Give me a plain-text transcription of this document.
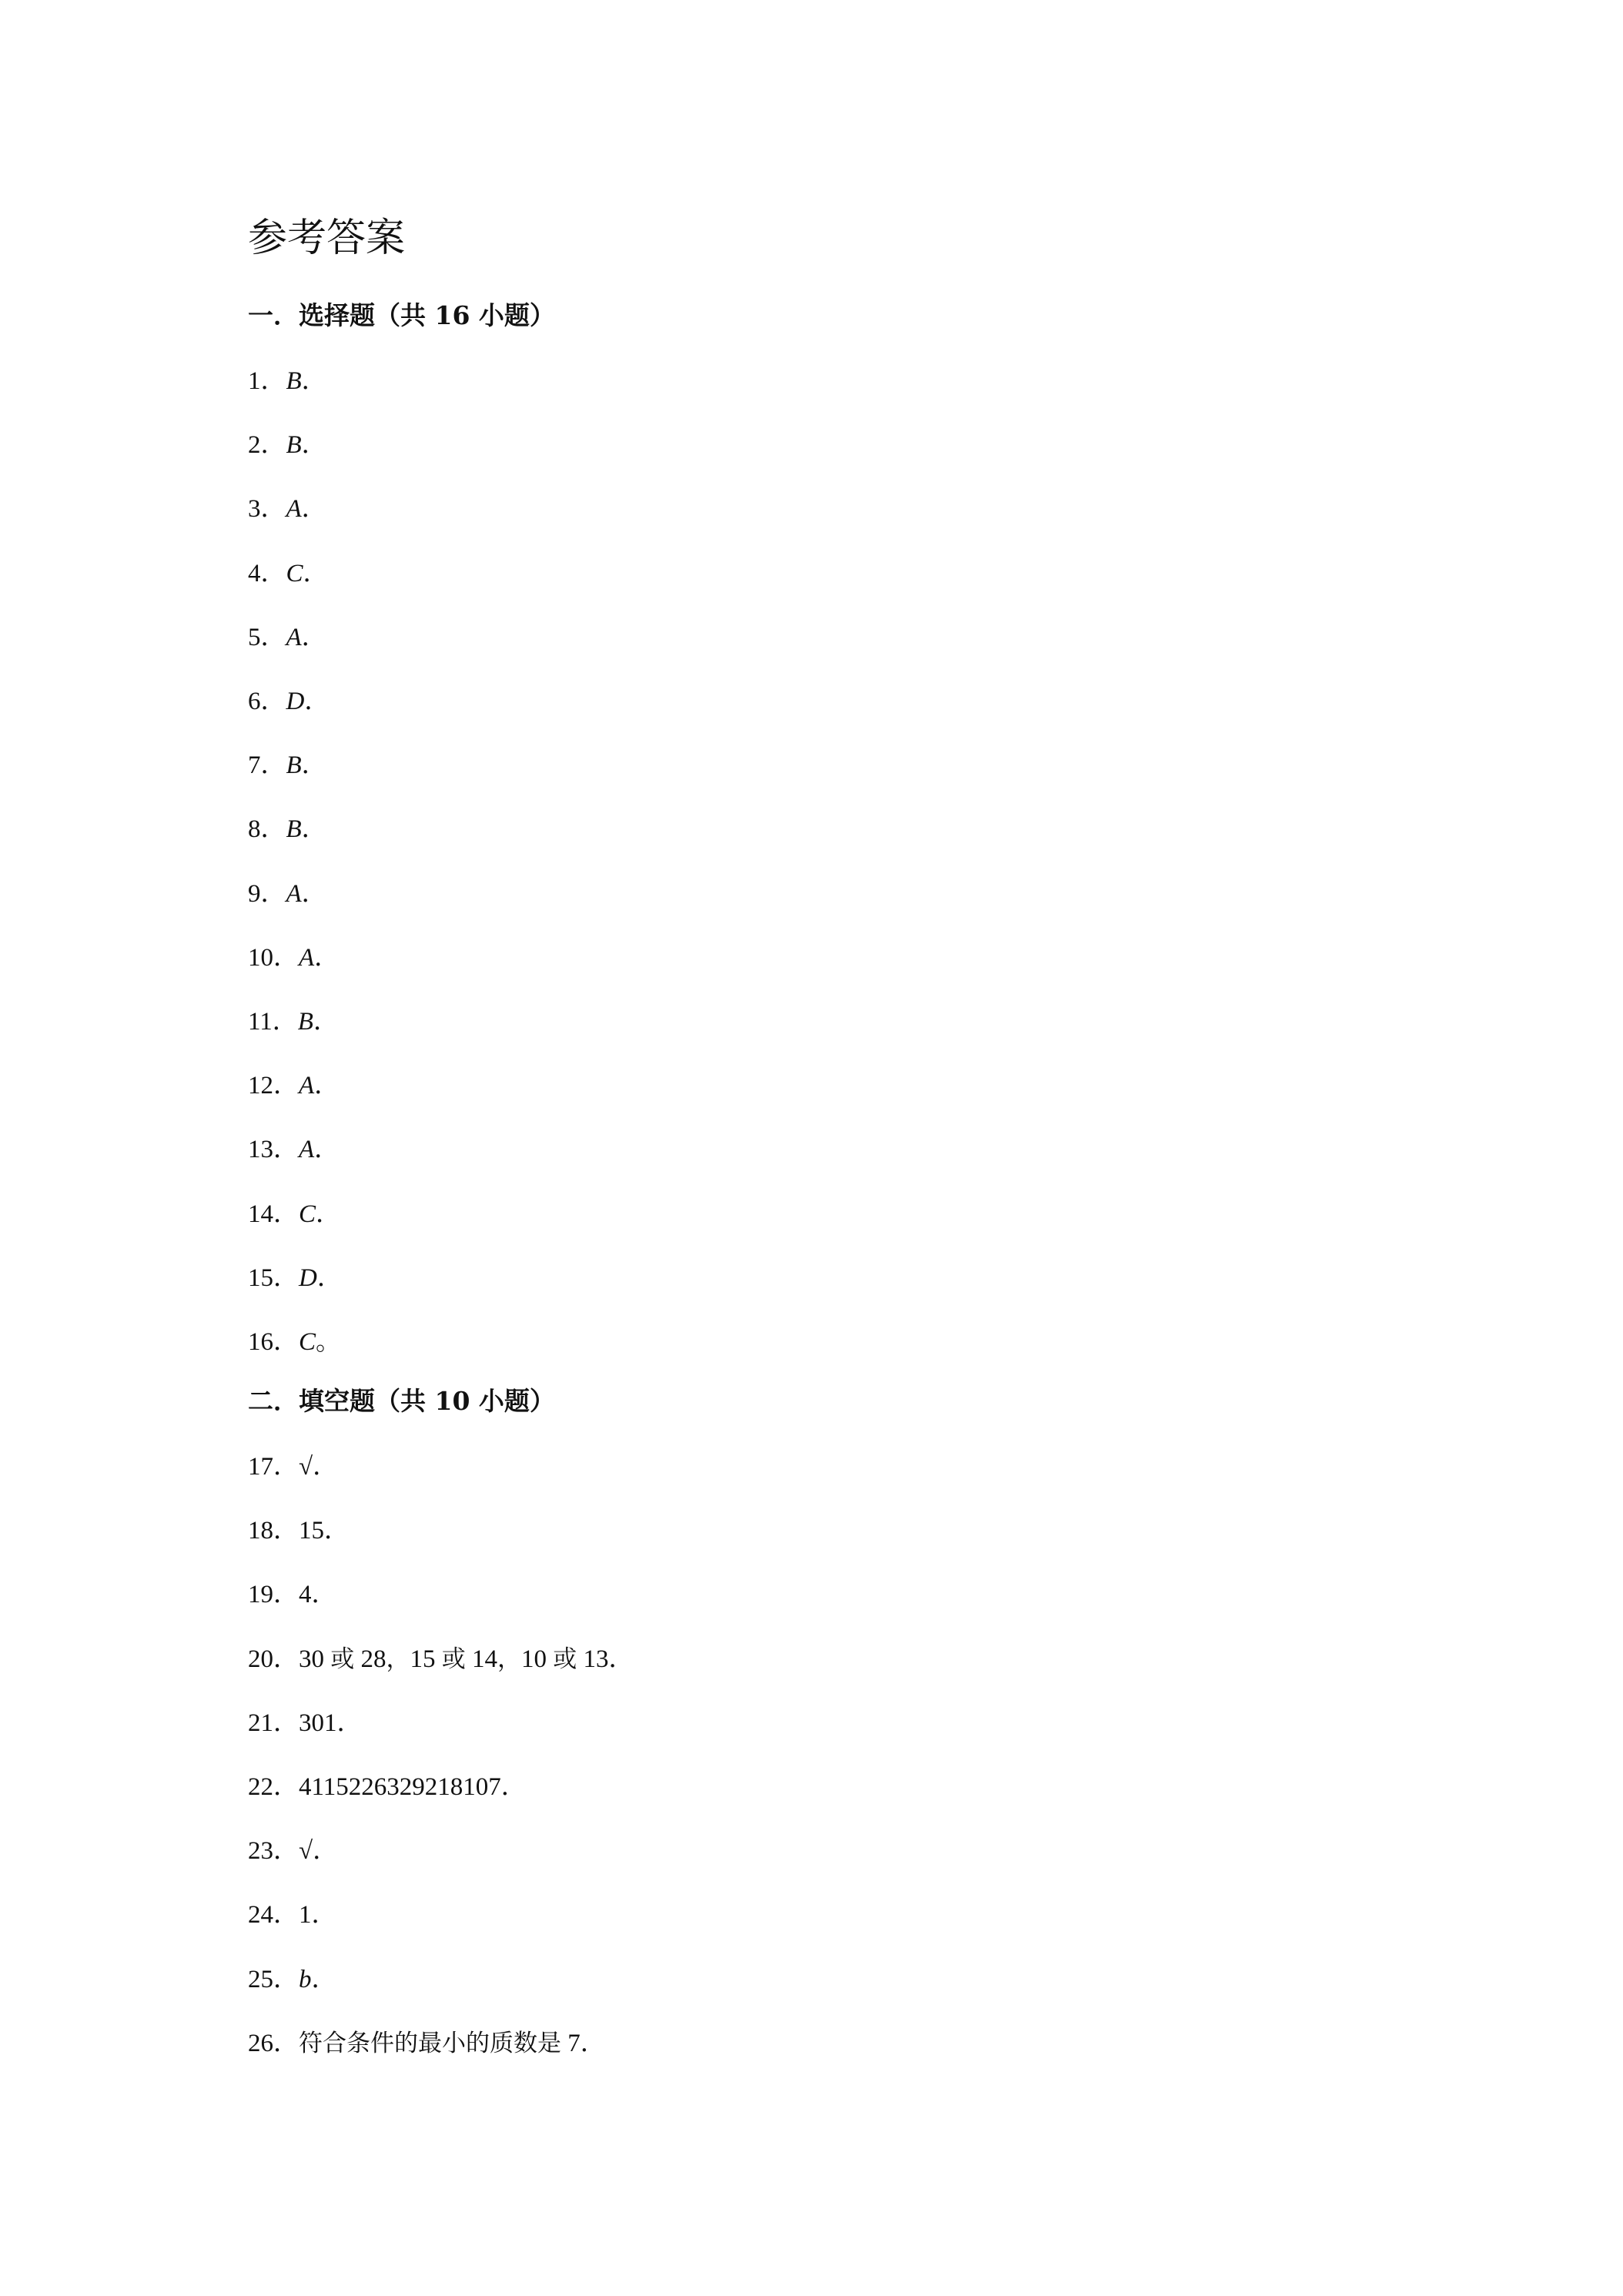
参考答案
一．选择题（共 16 小题）
1．B．
2．B．
3．A．
4．C．
5．A．
6．D．
7．B．
8．B．
9．A．
10．A．
11．B．
12．A．
13．A．
14．C．
15．D．
16．C。
二．填空题（共 10 小题）
17．√．
18．15．
19．4．
20．30 或 28，15 或 14，10 或 13．
21．301．
22．4115226329218107．
23．√．
24．1．
25．b．
26．符合条件的最小的质数是 7．
